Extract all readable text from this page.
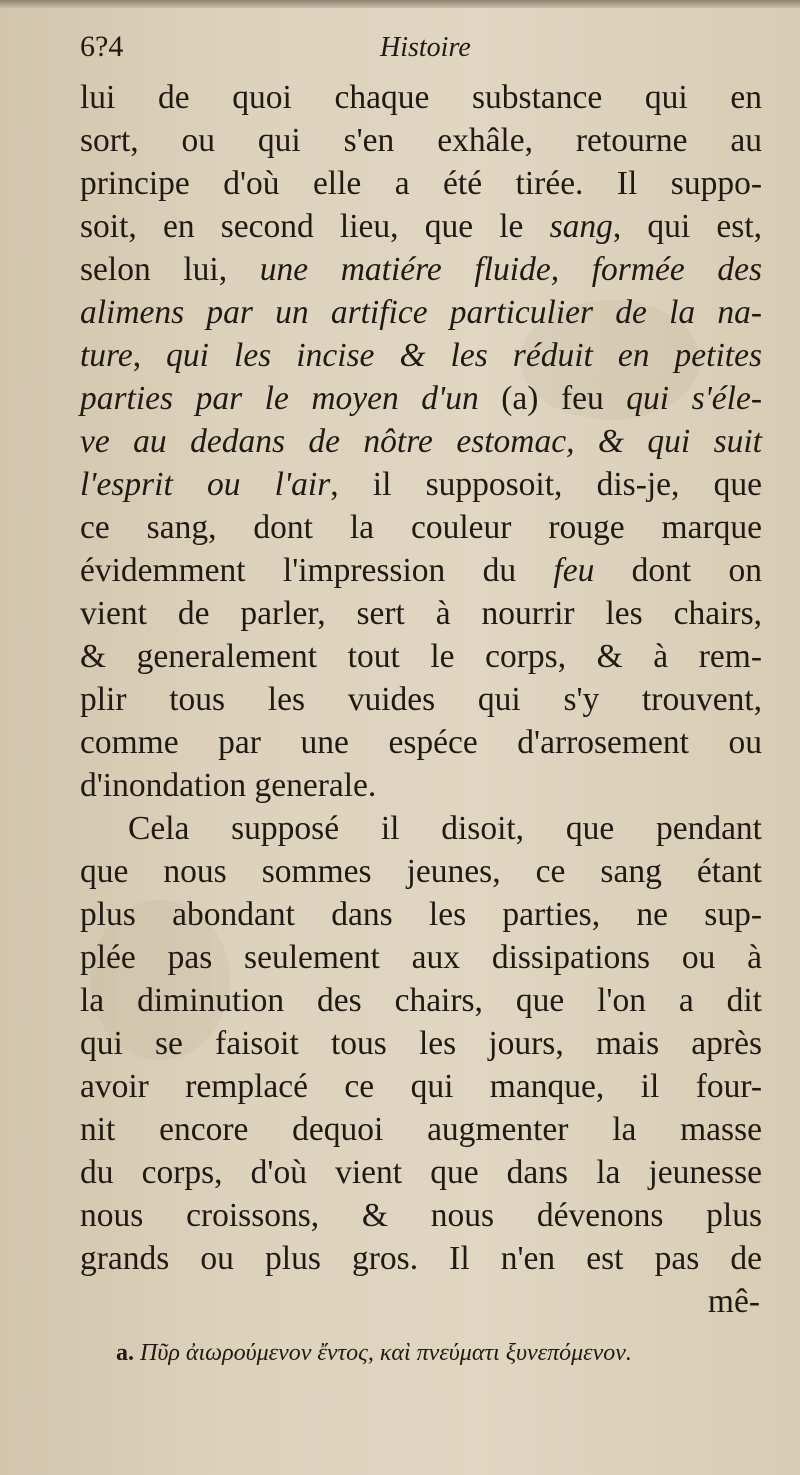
6?4	Histoire
lui de quoi chaque substance qui en
sort, ou qui s'en exhâle, retourne au
principe d'où elle a été tirée. Il suppo-
soit, en second lieu, que le sang, qui est,
selon lui, une matiére fluide, formée des
alimens par un artifice particulier de la na-
ture, qui les incise & les réduit en petites
parties par le moyen d'un (a) feu qui s'éle-
ve au dedans de nôtre estomac, & qui suit
l'esprit ou l'air, il supposoit, dis-je, que
ce sang, dont la couleur rouge marque
évidemment l'impression du feu dont on
vient de parler, sert à nourrir les chairs,
& generalement tout le corps, & à rem-
plir tous les vuides qui s'y trouvent,
comme par une espéce d'arrosement ou
d'inondation generale.
Cela supposé il disoit, que pendant
que nous sommes jeunes, ce sang étant
plus abondant dans les parties, ne sup-
plée pas seulement aux dissipations ou à
la diminution des chairs, que l'on a dit
qui se faisoit tous les jours, mais après
avoir remplacé ce qui manque, il four-
nit encore dequoi augmenter la masse
du corps, d'où vient que dans la jeunesse
nous croissons, & nous dévenons plus
grands ou plus gros. Il n'en est pas de
mê-
a. Πῦρ ἀιωρούμενον ἔντος, καὶ πνεύματι ξυνεπόμενον.
